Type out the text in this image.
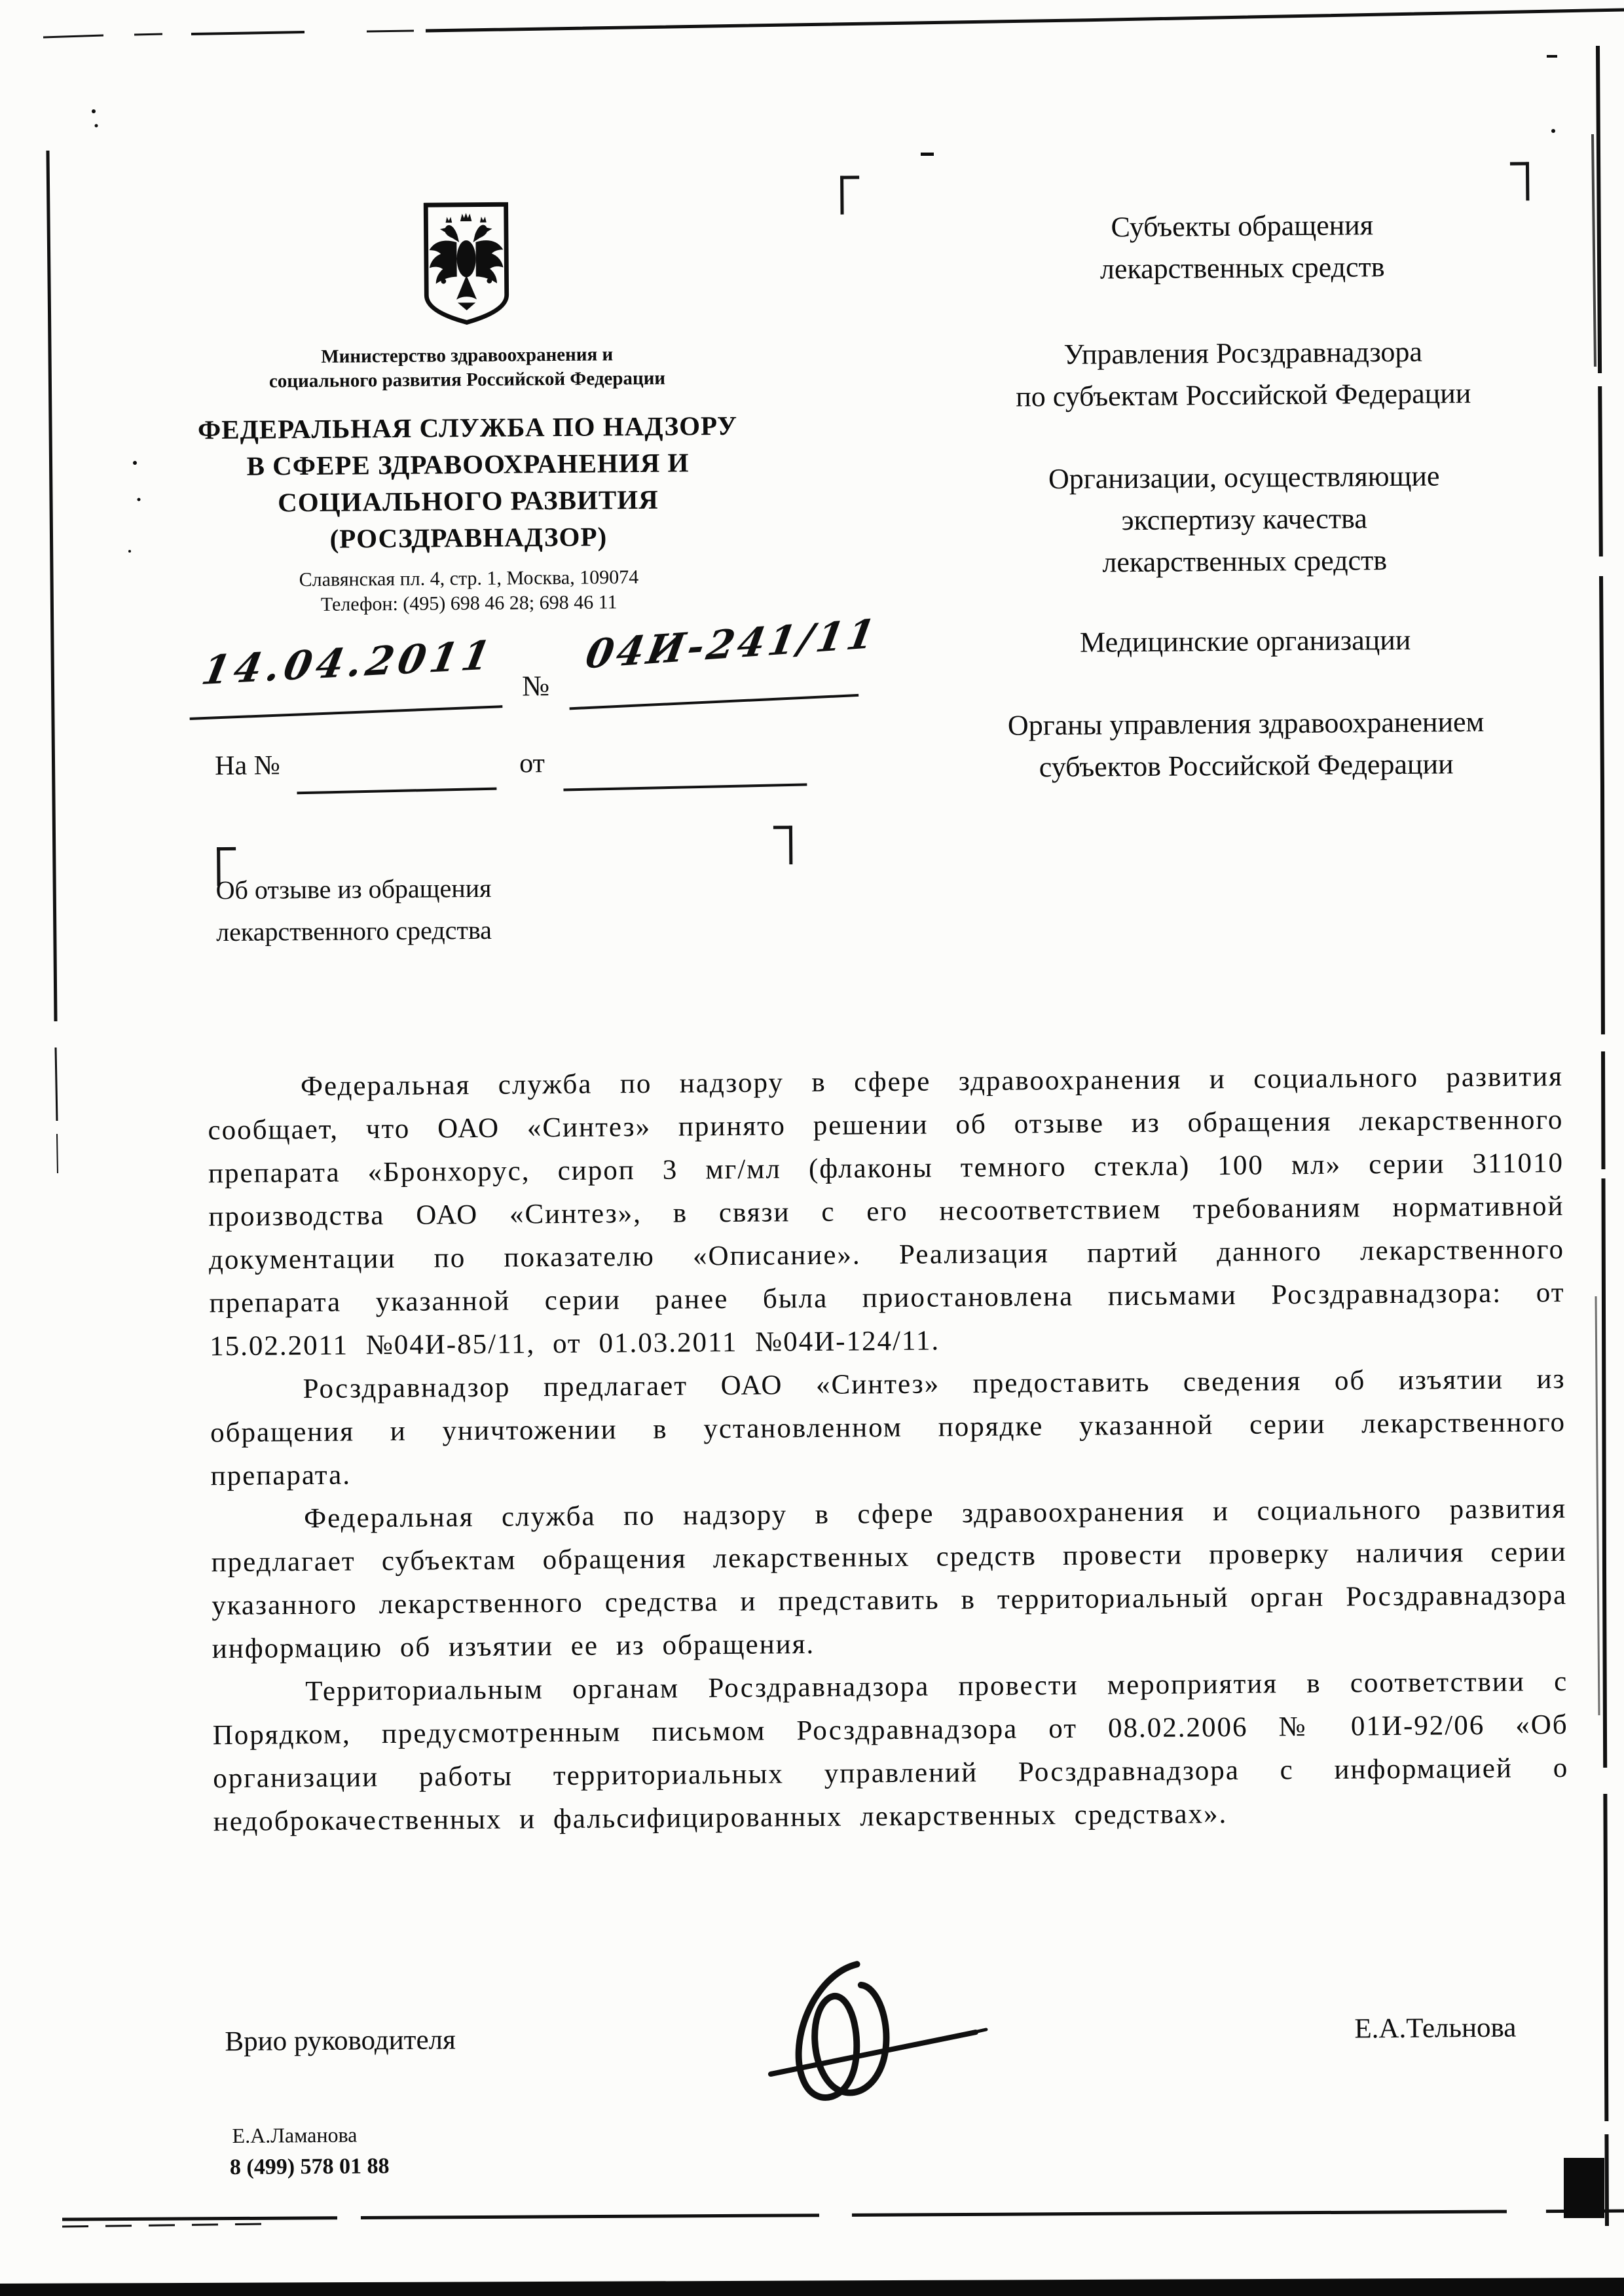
Министерство здравоохранения и
социального развития Российской Федерации
ФЕДЕРАЛЬНАЯ СЛУЖБА ПО НАДЗОРУ
В СФЕРЕ ЗДРАВООХРАНЕНИЯ И
СОЦИАЛЬНОГО РАЗВИТИЯ
(РОСЗДРАВНАДЗОР)
Славянская пл. 4, стр. 1, Москва, 109074
Телефон: (495) 698 46 28; 698 46 11
14.04.2011 №
04И-241/11
На №	от
Субъекты обращения
лекарственных средств
Управления Росздравнадзора
по субъектам Российской Федерации
Организации, осуществляющие
экспертизу качества
лекарственных средств
Медицинские организации
Органы управления здравоохранением
субъектов Российской Федерации
Об отзыве из обращения
лекарственного средства

Федеральная служба по надзору в сфере здравоохранения и социального развития сообщает, что ОАО «Синтез» принято решении об отзыве из обращения лекарственного препарата «Бронхорус, сироп 3 мг/мл (флаконы темного стекла) 100 мл» серии 311010 производства ОАО «Синтез», в связи с его несоответствием требованиям нормативной документации по показателю «Описание». Реализация партий данного лекарственного препарата указанной серии ранее была приостановлена письмами Росздравнадзора: от 15.02.2011 №04И-85/11, от 01.03.2011 №04И-124/11.

Росздравнадзор предлагает ОАО «Синтез» предоставить сведения об изъятии из обращения и уничтожении в установленном порядке указанной серии лекарственного препарата.

Федеральная служба по надзору в сфере здравоохранения и социального развития предлагает субъектам обращения лекарственных средств провести проверку наличия серии указанного лекарственного средства и представить в территориальный орган Росздравнадзора информацию об изъятии ее из обращения.

Территориальным органам Росздравнадзора провести мероприятия в соответствии с Порядком, предусмотренным письмом Росздравнадзора от 08.02.2006 № 01И-92/06 «Об организации работы территориальных управлений Росздравнадзора с информацией о недоброкачественных и фальсифицированных лекарственных средствах».

Врио руководителя	Е.А.Тельнова
Е.А.Ламанова
8 (499) 578 01 88
